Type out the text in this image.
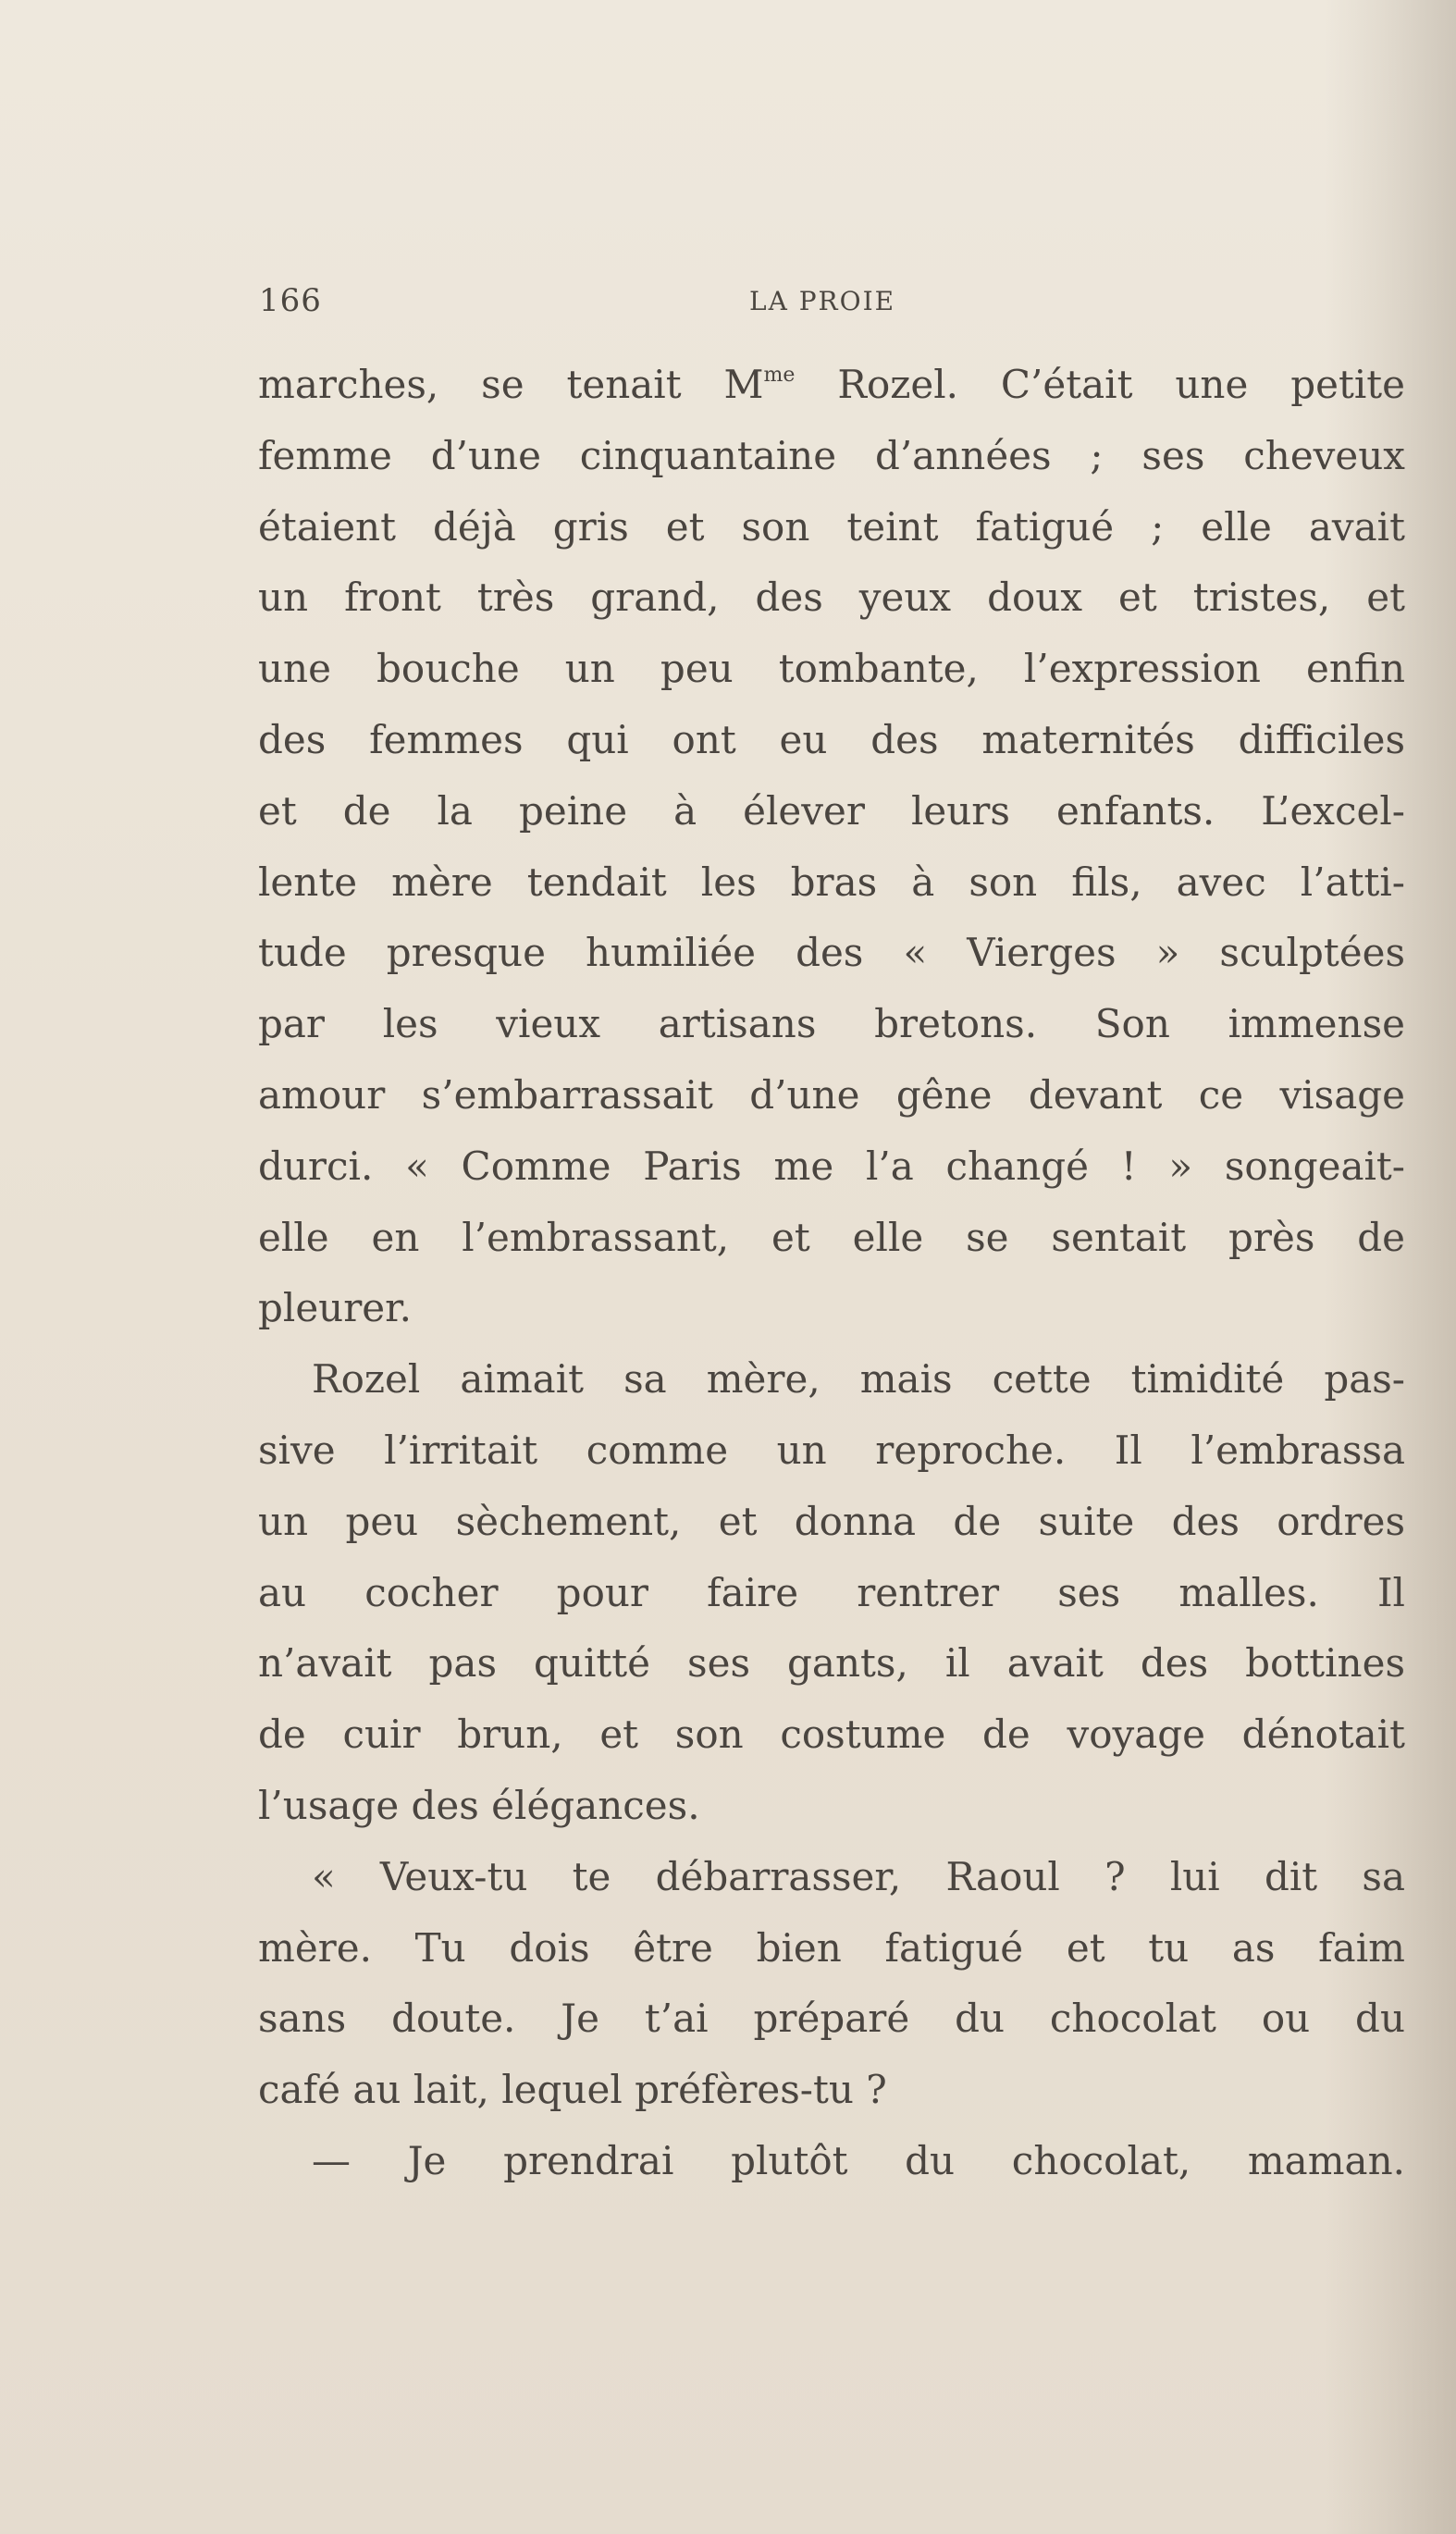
166	LA PROIE
marches, se tenait $M^{me}$ Rozel. C’était une petite
femme d’une cinquantaine d’années ; ses cheveux
étaient déjà gris et son teint fatigué ; elle avait
un front très grand, des yeux doux et tristes, et
une bouche un peu tombante, l’expression enfin
des femmes qui ont eu des maternités difficiles
et de la peine à élever leurs enfants. L’excel-
lente mère tendait les bras à son fils, avec l’atti-
tude presque humiliée des « Vierges » sculptées
par les vieux artisans bretons. Son immense
amour s’embarrassait d’une gêne devant ce visage
durci. « Comme Paris me l’a changé ! » songeait-
elle en l’embrassant, et elle se sentait près de
pleurer.
Rozel aimait sa mère, mais cette timidité pas-
sive l’irritait comme un reproche. Il l’embrassa
un peu sèchement, et donna de suite des ordres
au cocher pour faire rentrer ses malles. Il
n’avait pas quitté ses gants, il avait des bottines
de cuir brun, et son costume de voyage dénotait
l’usage des élégances.
« Veux-tu te débarrasser, Raoul ? lui dit sa
mère. Tu dois être bien fatigué et tu as faim
sans doute. Je t’ai préparé du chocolat ou du
café au lait, lequel préfères-tu ?
— Je prendrai plutôt du chocolat, maman.
